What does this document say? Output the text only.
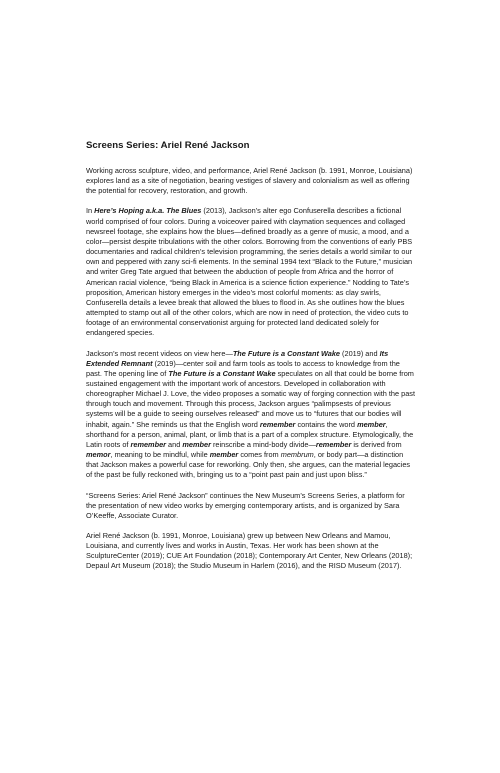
Screens Series: Ariel René Jackson

Working across sculpture, video, and performance, Ariel René Jackson (b. 1991, Monroe, Louisiana) explores land as a site of negotiation, bearing vestiges of slavery and colonialism as well as offering the potential for recovery, restoration, and growth.

In Here’s Hoping a.k.a. The Blues (2013), Jackson’s alter ego Confuserella describes a fictional world comprised of four colors. During a voiceover paired with claymation sequences and collaged newsreel footage, she explains how the blues—defined broadly as a genre of music, a mood, and a color—persist despite tribulations with the other colors. Borrowing from the conventions of early PBS documentaries and radical children’s television programming, the series details a world similar to our own and peppered with zany sci-fi elements. In the seminal 1994 text “Black to the Future,” musician and writer Greg Tate argued that between the abduction of people from Africa and the horror of American racial violence, “being Black in America is a science fiction experience.” Nodding to Tate’s proposition, American history emerges in the video’s most colorful moments: as clay swirls, Confuserella details a levee break that allowed the blues to flood in. As she outlines how the blues attempted to stamp out all of the other colors, which are now in need of protection, the video cuts to footage of an environmental conservationist arguing for protected land dedicated solely for endangered species.

Jackson’s most recent videos on view here—The Future is a Constant Wake (2019) and Its Extended Remnant (2019)—center soil and farm tools as tools to access to knowledge from the past. The opening line of The Future is a Constant Wake speculates on all that could be borne from sustained engagement with the important work of ancestors. Developed in collaboration with choreographer Michael J. Love, the video proposes a somatic way of forging connection with the past through touch and movement. Through this process, Jackson argues “palimpsests of previous systems will be a guide to seeing ourselves released” and move us to “futures that our bodies will inhabit, again.” She reminds us that the English word remember contains the word member, shorthand for a person, animal, plant, or limb that is a part of a complex structure. Etymologically, the Latin roots of remember and member reinscribe a mind-body divide—remember is derived from memor, meaning to be mindful, while member comes from membrum, or body part—a distinction that Jackson makes a powerful case for reworking. Only then, she argues, can the material legacies of the past be fully reckoned with, bringing us to a “point past pain and just upon bliss.”

“Screens Series: Ariel René Jackson” continues the New Museum’s Screens Series, a platform for the presentation of new video works by emerging contemporary artists, and is organized by Sara O’Keeffe, Associate Curator.

Ariel René Jackson (b. 1991, Monroe, Louisiana) grew up between New Orleans and Mamou, Louisiana, and currently lives and works in Austin, Texas. Her work has been shown at the SculptureCenter (2019); CUE Art Foundation (2018); Contemporary Art Center, New Orleans (2018); Depaul Art Museum (2018); the Studio Museum in Harlem (2016), and the RISD Museum (2017).
